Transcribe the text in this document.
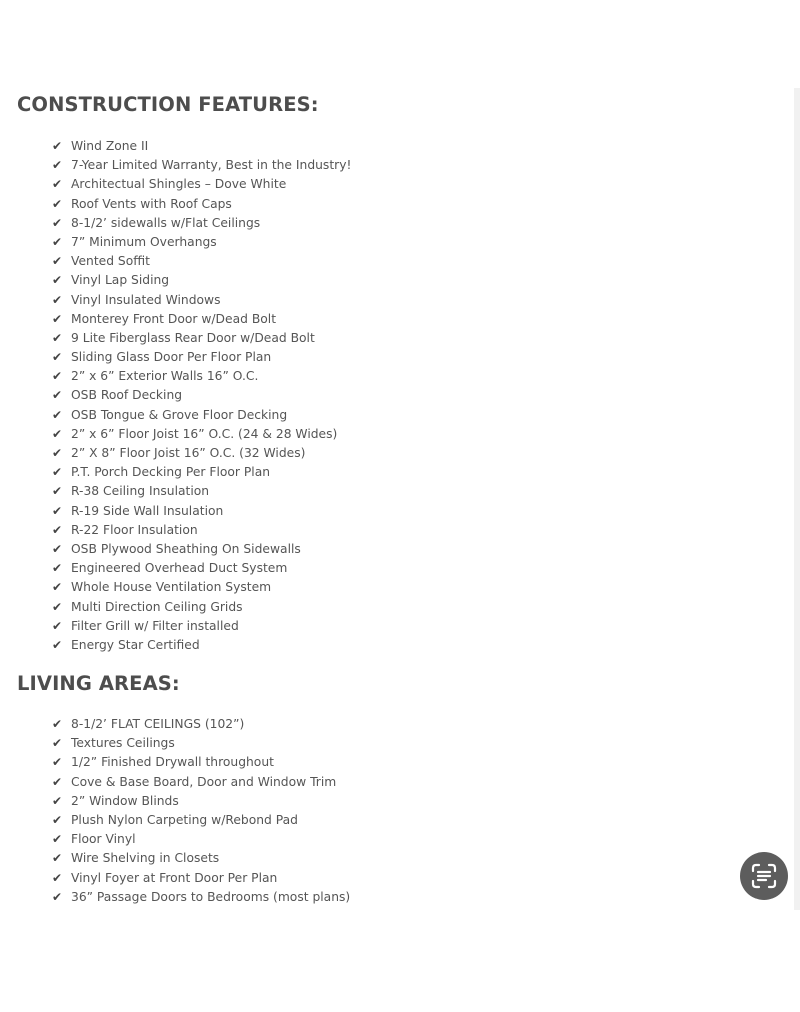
CONSTRUCTION FEATURES:
✔ Wind Zone II
✔ 7-Year Limited Warranty, Best in the Industry!
✔ Architectual Shingles – Dove White
✔ Roof Vents with Roof Caps
✔ 8-1/2’ sidewalls w/Flat Ceilings
✔ 7” Minimum Overhangs
✔ Vented Soffit
✔ Vinyl Lap Siding
✔ Vinyl Insulated Windows
✔ Monterey Front Door w/Dead Bolt
✔ 9 Lite Fiberglass Rear Door w/Dead Bolt
✔ Sliding Glass Door Per Floor Plan
✔ 2” x 6” Exterior Walls 16” O.C.
✔ OSB Roof Decking
✔ OSB Tongue & Grove Floor Decking
✔ 2” x 6” Floor Joist 16” O.C. (24 & 28 Wides)
✔ 2” X 8” Floor Joist 16” O.C. (32 Wides)
✔ P.T. Porch Decking Per Floor Plan
✔ R-38 Ceiling Insulation
✔ R-19 Side Wall Insulation
✔ R-22 Floor Insulation
✔ OSB Plywood Sheathing On Sidewalls
✔ Engineered Overhead Duct System
✔ Whole House Ventilation System
✔ Multi Direction Ceiling Grids
✔ Filter Grill w/ Filter installed
✔ Energy Star Certified
LIVING AREAS:
✔ 8-1/2’ FLAT CEILINGS (102”)
✔ Textures Ceilings
✔ 1/2” Finished Drywall throughout
✔ Cove & Base Board, Door and Window Trim
✔ 2” Window Blinds
✔ Plush Nylon Carpeting w/Rebond Pad
✔ Floor Vinyl
✔ Wire Shelving in Closets
✔ Vinyl Foyer at Front Door Per Plan
✔ 36” Passage Doors to Bedrooms (most plans)
